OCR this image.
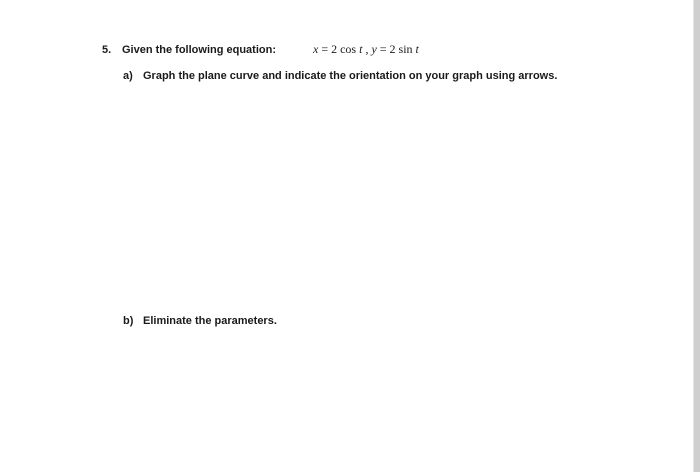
5. Given the following equation:	x = 2 cos t , y = 2 sin t
a) Graph the plane curve and indicate the orientation on your graph using arrows.
b) Eliminate the parameters.
